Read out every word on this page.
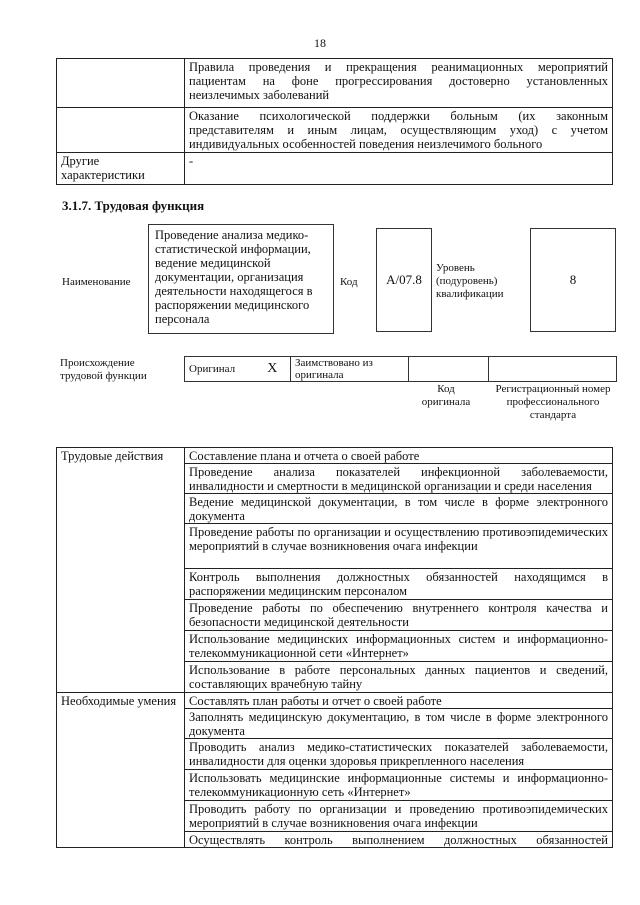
18
	Правила проведения и прекращения реанимационных мероприятий пациентам на фоне прогрессирования достоверно установленных неизлечимых заболеваний
	Оказание психологической поддержки больным (их законным представителям и иным лицам, осуществляющим уход) с учетом индивидуальных особенностей поведения неизлечимого больного
Другие характеристики	-
3.1.7. Трудовая функция
Наименование
Проведение анализа медико-статистической информации, ведение медицинской документации, организация деятельности находящегося в распоряжении медицинского персонала
Код	A/07.8
Уровень (подуровень) квалификации
8
Происхождение трудовой функции
Оригинал	X	Заимствовано из оригинала		
Код оригинала
Регистрационный номер профессионального стандарта
Трудовые действия	Составление плана и отчета о своей работе
	Проведение анализа показателей инфекционной заболеваемости, инвалидности и смертности в медицинской организации и среди населения
	Ведение медицинской документации, в том числе в форме электронного документа
	Проведение работы по организации и осуществлению противоэпидемических мероприятий в случае возникновения очага инфекции
	Контроль выполнения должностных обязанностей находящимся в распоряжении медицинским персоналом
	Проведение работы по обеспечению внутреннего контроля качества и безопасности медицинской деятельности
	Использование медицинских информационных систем и информационно-телекоммуникационной сети «Интернет»
	Использование в работе персональных данных пациентов и сведений, составляющих врачебную тайну
Необходимые умения	Составлять план работы и отчет о своей работе
	Заполнять медицинскую документацию, в том числе в форме электронного документа
	Проводить анализ медико-статистических показателей заболеваемости, инвалидности для оценки здоровья прикрепленного населения
	Использовать медицинские информационные системы и информационно-телекоммуникационную сеть «Интернет»
	Проводить работу по организации и проведению противоэпидемических мероприятий в случае возникновения очага инфекции
	Осуществлять контроль выполнением должностных обязанностей
